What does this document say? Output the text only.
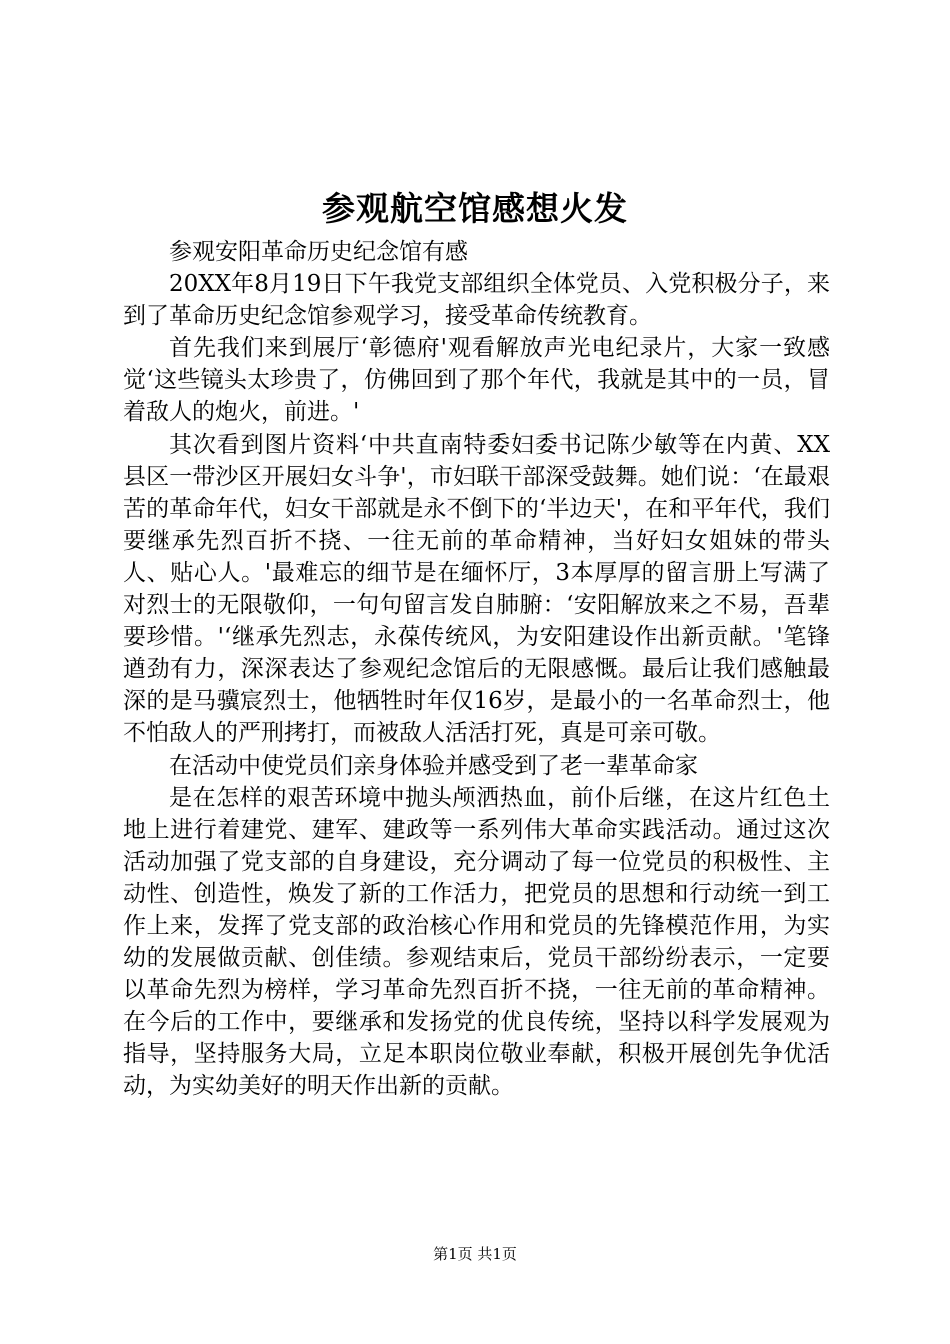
参观航空馆感想火发

参观安阳革命历史纪念馆有感

20XX年8月19日下午我党支部组织全体党员、入党积极分子，来到了革命历史纪念馆参观学习，接受革命传统教育。

首先我们来到展厅‘彰德府'观看解放声光电纪录片，大家一致感觉‘这些镜头太珍贵了，仿佛回到了那个年代，我就是其中的一员，冒着敌人的炮火，前进。'

其次看到图片资料‘中共直南特委妇委书记陈少敏等在内黄、XX县区一带沙区开展妇女斗争'，市妇联干部深受鼓舞。她们说：‘在最艰苦的革命年代，妇女干部就是永不倒下的‘半边天'，在和平年代，我们要继承先烈百折不挠、一往无前的革命精神，当好妇女姐妹的带头人、贴心人。'最难忘的细节是在缅怀厅，3本厚厚的留言册上写满了对烈士的无限敬仰，一句句留言发自肺腑：‘安阳解放来之不易，吾辈要珍惜。'‘继承先烈志，永葆传统风，为安阳建设作出新贡献。'笔锋遒劲有力，深深表达了参观纪念馆后的无限感慨。最后让我们感触最深的是马骥宸烈士，他牺牲时年仅16岁，是最小的一名革命烈士，他不怕敌人的严刑拷打，而被敌人活活打死，真是可亲可敬。

在活动中使党员们亲身体验并感受到了老一辈革命家

是在怎样的艰苦环境中抛头颅洒热血，前仆后继，在这片红色土地上进行着建党、建军、建政等一系列伟大革命实践活动。通过这次活动加强了党支部的自身建设，充分调动了每一位党员的积极性、主动性、创造性，焕发了新的工作活力，把党员的思想和行动统一到工作上来，发挥了党支部的政治核心作用和党员的先锋模范作用，为实幼的发展做贡献、创佳绩。参观结束后，党员干部纷纷表示，一定要以革命先烈为榜样，学习革命先烈百折不挠，一往无前的革命精神。在今后的工作中，要继承和发扬党的优良传统，坚持以科学发展观为指导，坚持服务大局，立足本职岗位敬业奉献，积极开展创先争优活动，为实幼美好的明天作出新的贡献。

第1页 共1页
